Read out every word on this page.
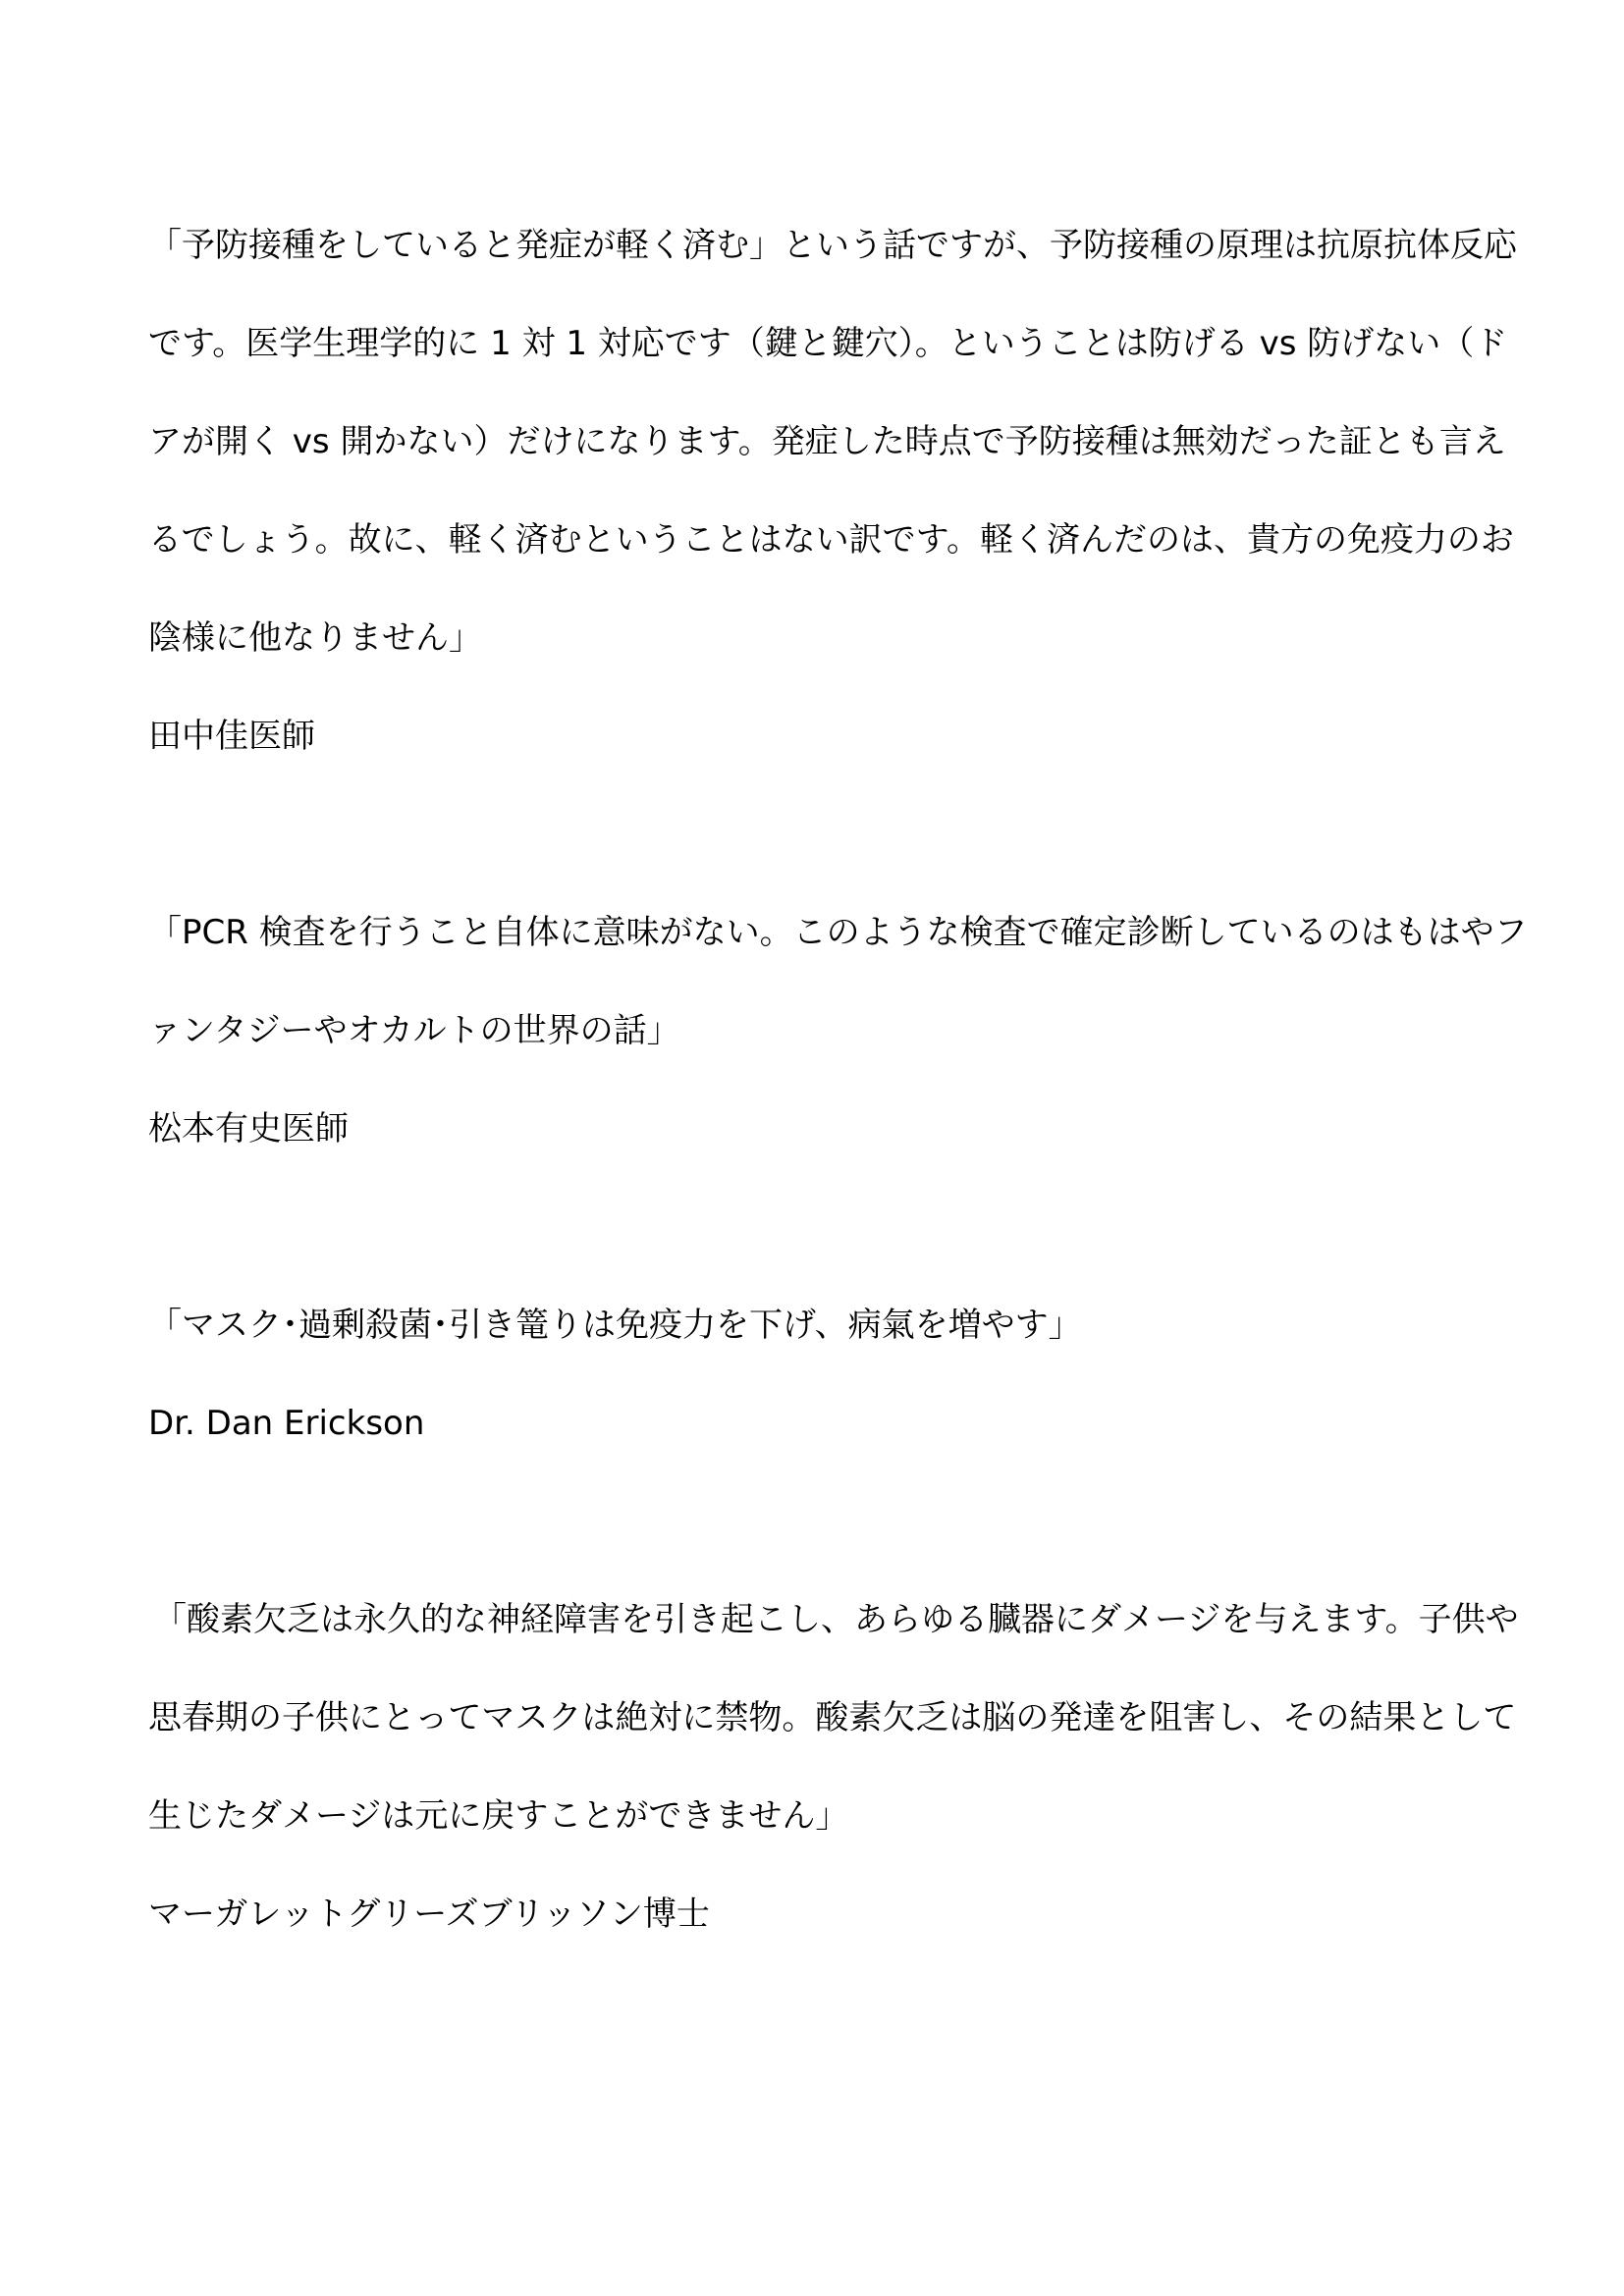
「予防接種をしていると発症が軽く済む」という話ですが、予防接種の原理は抗原抗体反応
です。医学生理学的に 1 対 1 対応です（鍵と鍵穴）。ということは防げる vs 防げない（ド
アが開く vs 開かない）だけになります。発症した時点で予防接種は無効だった証とも言え
るでしょう。故に、軽く済むということはない訳です。軽く済んだのは、貴方の免疫力のお
陰様に他なりません」
田中佳医師
「PCR 検査を行うこと自体に意味がない。このような検査で確定診断しているのはもはやフ
ァンタジーやオカルトの世界の話」
松本有史医師
「マスク･過剰殺菌･引き篭りは免疫力を下げ、病氣を増やす」
Dr. Dan Erickson
「酸素欠乏は永久的な神経障害を引き起こし、あらゆる臓器にダメージを与えます。子供や
思春期の子供にとってマスクは絶対に禁物。酸素欠乏は脳の発達を阻害し、その結果として
生じたダメージは元に戻すことができません」
マーガレットグリーズブリッソン博士
